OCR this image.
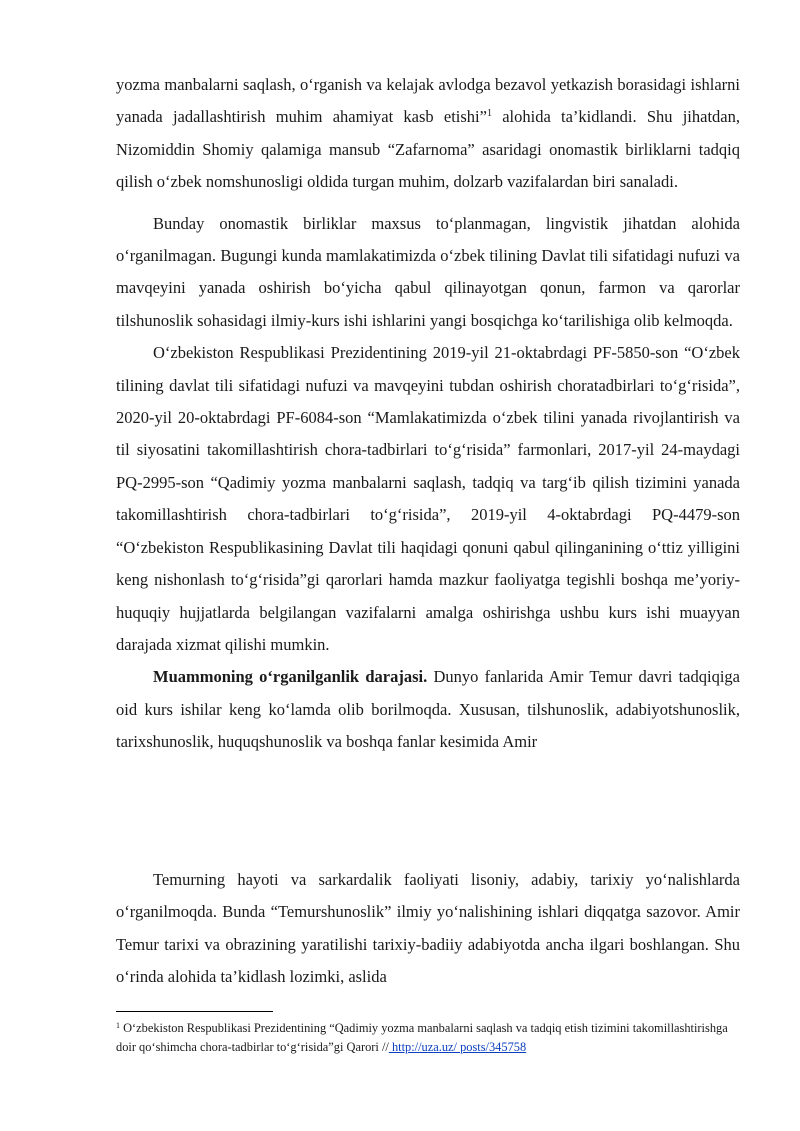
yozma manbalarni saqlash, o‘rganish va kelajak avlodga bezavol yetkazish borasidagi ishlarni yanada jadallashtirish muhim ahamiyat kasb etishi”$^1$ alohida ta’kidlandi. Shu jihatdan, Nizomiddin Shomiy qalamiga mansub “Zafarnoma” asaridagi onomastik birliklarni tadqiq qilish o‘zbek nomshunosligi oldida turgan muhim, dolzarb vazifalardan biri sanaladi.

Bunday onomastik birliklar maxsus to‘planmagan, lingvistik jihatdan alohida o‘rganilmagan. Bugungi kunda mamlakatimizda o‘zbek tilining Davlat tili sifatidagi nufuzi va mavqeyini yanada oshirish bo‘yicha qabul qilinayotgan qonun, farmon va qarorlar tilshunoslik sohasidagi ilmiy-kurs ishi ishlarini yangi bosqichga ko‘tarilishiga olib kelmoqda.

O‘zbekiston Respublikasi Prezidentining 2019-yil 21-oktabrdagi PF-5850-son “O‘zbek tilining davlat tili sifatidagi nufuzi va mavqeyini tubdan oshirish choratadbirlari to‘g‘risida”, 2020-yil 20-oktabrdagi PF-6084-son “Mamlakatimizda o‘zbek tilini yanada rivojlantirish va til siyosatini takomillashtirish chora-tadbirlari to‘g‘risida” farmonlari, 2017-yil 24-maydagi PQ-2995-son “Qadimiy yozma manbalarni saqlash, tadqiq va targ‘ib qilish tizimini yanada takomillashtirish chora-tadbirlari to‘g‘risida”, 2019-yil 4-oktabrdagi PQ-4479-son “O‘zbekiston Respublikasining Davlat tili haqidagi qonuni qabul qilinganining o‘ttiz yilligini keng nishonlash to‘g‘risida”gi qarorlari hamda mazkur faoliyatga tegishli boshqa me’yoriy-huquqiy hujjatlarda belgilangan vazifalarni amalga oshirishga ushbu kurs ishi muayyan darajada xizmat qilishi mumkin.

Muammoning o‘rganilganlik darajasi. Dunyo fanlarida Amir Temur davri tadqiqiga oid kurs ishilar keng ko‘lamda olib borilmoqda. Xususan, tilshunoslik, adabiyotshunoslik, tarixshunoslik, huquqshunoslik va boshqa fanlar kesimida Amir

Temurning hayoti va sarkardalik faoliyati lisoniy, adabiy, tarixiy yo‘nalishlarda o‘rganilmoqda. Bunda “Temurshunoslik” ilmiy yo‘nalishining ishlari diqqatga sazovor. Amir Temur tarixi va obrazining yaratilishi tarixiy-badiiy adabiyotda ancha ilgari boshlangan. Shu o‘rinda alohida ta’kidlash lozimki, aslida

$^1$ O‘zbekiston Respublikasi Prezidentining “Qadimiy yozma manbalarni saqlash va tadqiq etish tizimini takomillashtirishga doir qo‘shimcha chora-tadbirlar to‘g‘risida”gi Qarori // http://uza.uz/ posts/345758
